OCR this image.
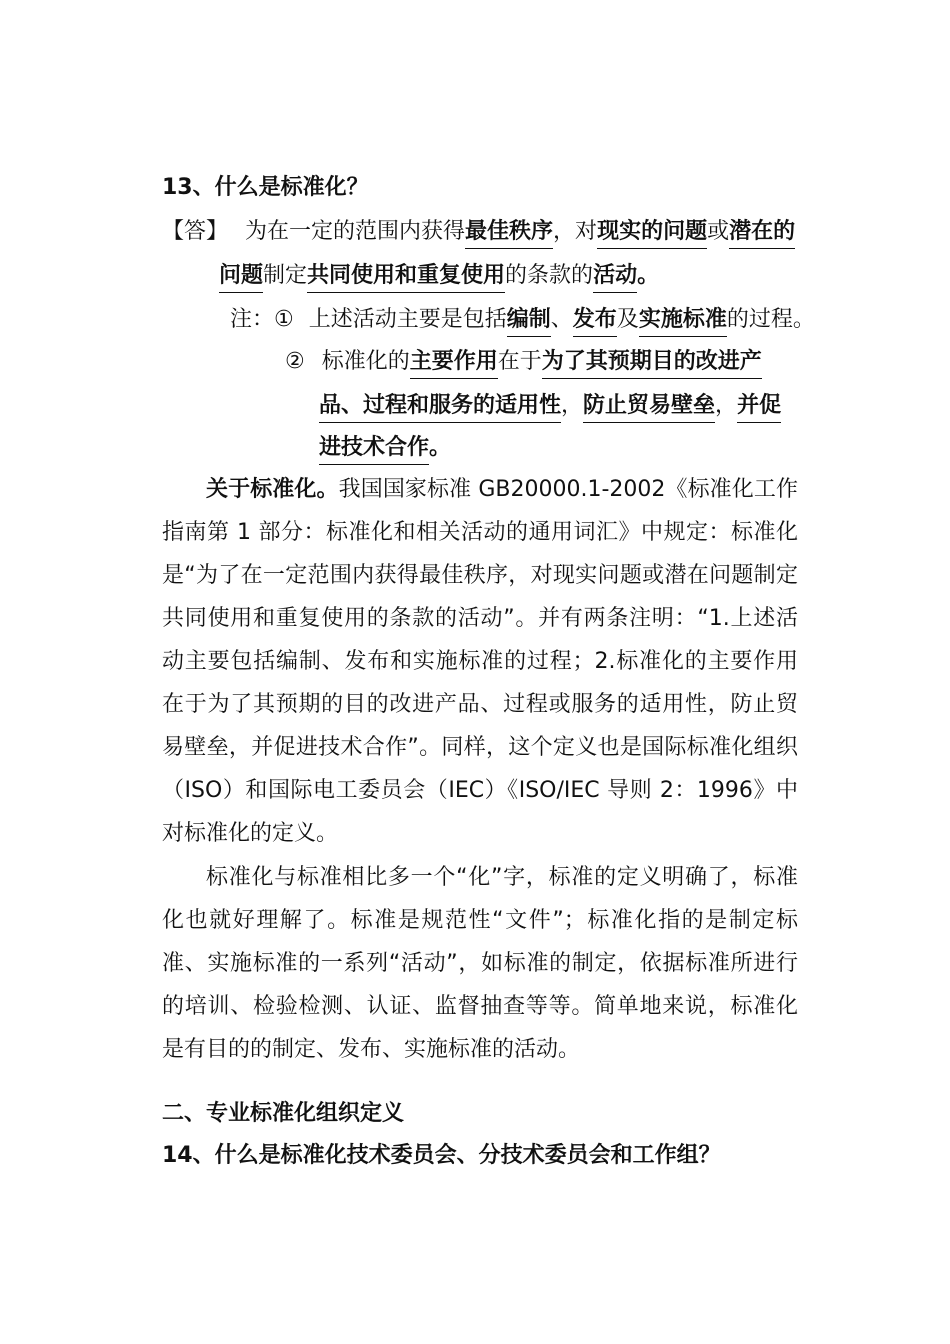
13、什么是标准化？
【答】 为在一定的范围内获得最佳秩序，对现实的问题或潜在的
问题制定共同使用和重复使用的条款的活动。
注：① 上述活动主要是包括编制、发布及实施标准的过程。
② 标准化的主要作用在于为了其预期目的改进产
品、过程和服务的适用性，防止贸易壁垒，并促
进技术合作。

关于标准化。我国国家标准 GB20000.1-2002《标准化工作指南第 1 部分：标准化和相关活动的通用词汇》中规定：标准化是“为了在一定范围内获得最佳秩序，对现实问题或潜在问题制定共同使用和重复使用的条款的活动”。并有两条注明：“1.上述活动主要包括编制、发布和实施标准的过程；2.标准化的主要作用在于为了其预期的目的改进产品、过程或服务的适用性，防止贸易壁垒，并促进技术合作”。同样，这个定义也是国际标准化组织（ISO）和国际电工委员会（IEC）《ISO/IEC 导则 2：1996》中对标准化的定义。

标准化与标准相比多一个“化”字，标准的定义明确了，标准化也就好理解了。标准是规范性“文件”；标准化指的是制定标准、实施标准的一系列“活动”，如标准的制定，依据标准所进行的培训、检验检测、认证、监督抽查等等。简单地来说，标准化是有目的的制定、发布、实施标准的活动。

二、专业标准化组织定义
14、什么是标准化技术委员会、分技术委员会和工作组？
